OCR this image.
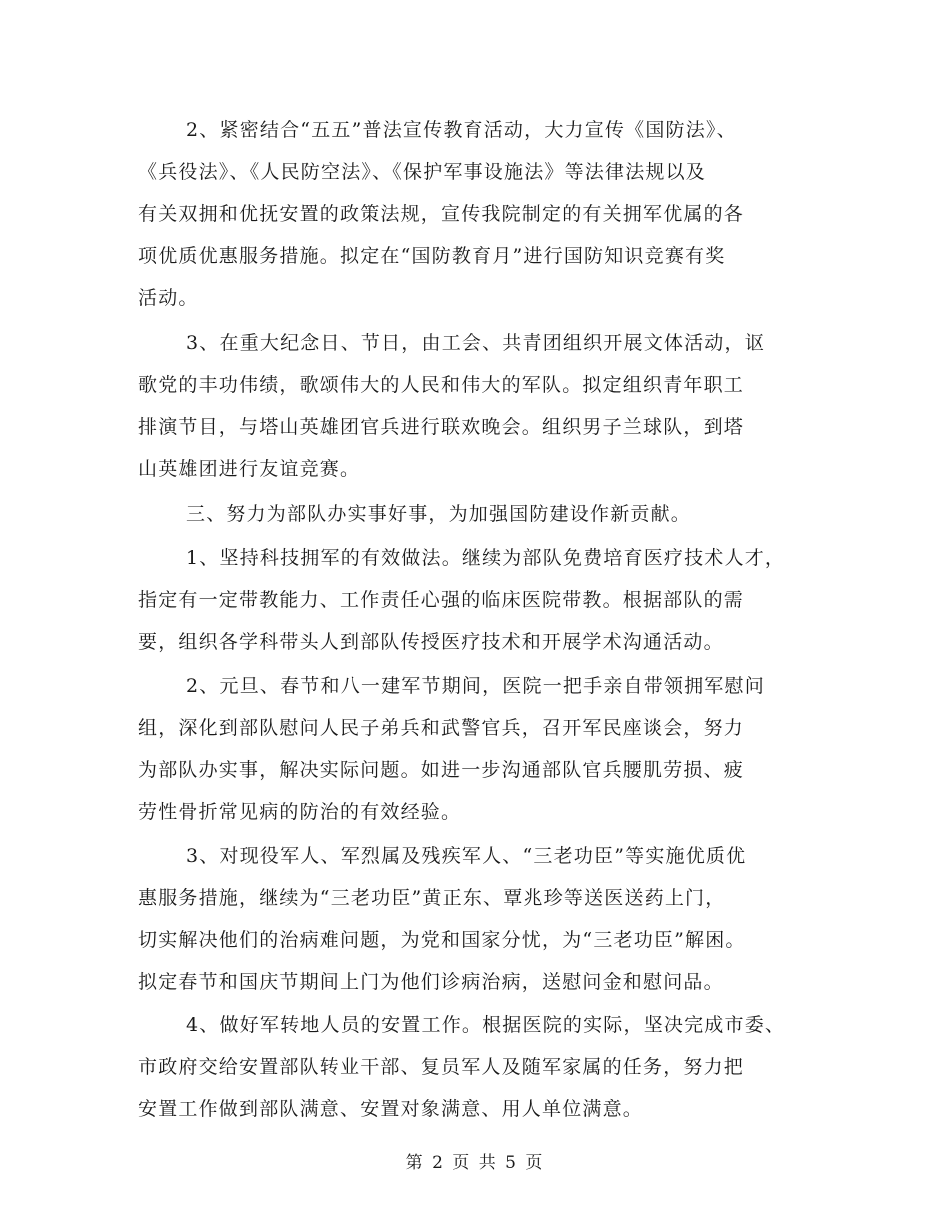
2、紧密结合“五五”普法宣传教育活动，大力宣传《国防法》、
《兵役法》、《人民防空法》、《保护军事设施法》等法律法规以及
有关双拥和优抚安置的政策法规，宣传我院制定的有关拥军优属的各
项优质优惠服务措施。拟定在“国防教育月”进行国防知识竞赛有奖
活动。
3、在重大纪念日、节日，由工会、共青团组织开展文体活动，讴
歌党的丰功伟绩，歌颂伟大的人民和伟大的军队。拟定组织青年职工
排演节目，与塔山英雄团官兵进行联欢晚会。组织男子兰球队，到塔
山英雄团进行友谊竞赛。
三、努力为部队办实事好事，为加强国防建设作新贡献。
1、坚持科技拥军的有效做法。继续为部队免费培育医疗技术人才，
指定有一定带教能力、工作责任心强的临床医院带教。根据部队的需
要，组织各学科带头人到部队传授医疗技术和开展学术沟通活动。
2、元旦、春节和八一建军节期间，医院一把手亲自带领拥军慰问
组，深化到部队慰问人民子弟兵和武警官兵，召开军民座谈会，努力
为部队办实事，解决实际问题。如进一步沟通部队官兵腰肌劳损、疲
劳性骨折常见病的防治的有效经验。
3、对现役军人、军烈属及残疾军人、“三老功臣”等实施优质优
惠服务措施，继续为“三老功臣”黄正东、覃兆珍等送医送药上门，
切实解决他们的治病难问题，为党和国家分忧，为“三老功臣”解困。
拟定春节和国庆节期间上门为他们诊病治病，送慰问金和慰问品。
4、做好军转地人员的安置工作。根据医院的实际，坚决完成市委、
市政府交给安置部队转业干部、复员军人及随军家属的任务，努力把
安置工作做到部队满意、安置对象满意、用人单位满意。
第 2 页 共 5 页
